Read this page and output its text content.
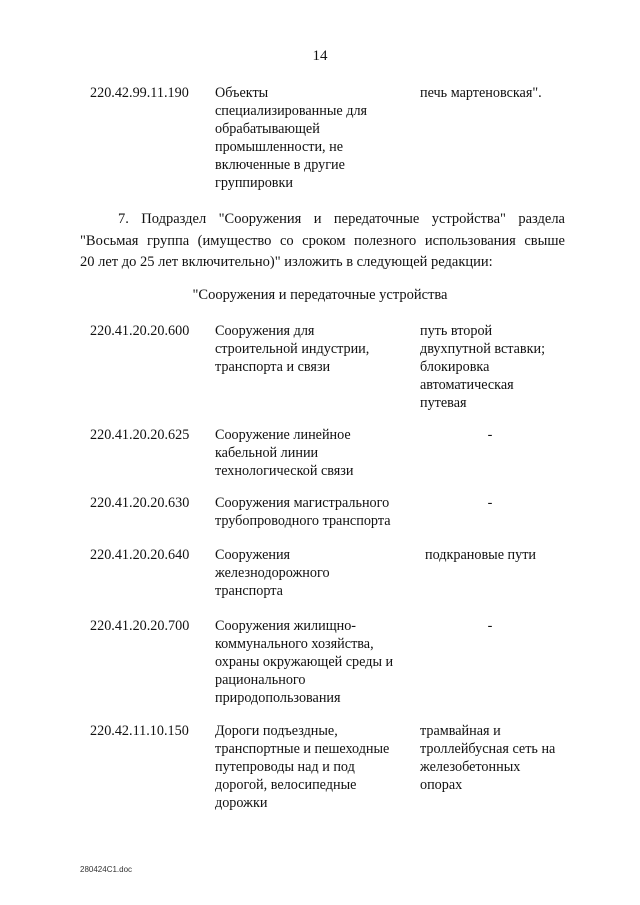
14
220.42.99.11.190 Объекты
специализированные для
обрабатывающей
промышленности, не
включенные в другие
группировки
печь мартеновская".
7. Подраздел "Сооружения и передаточные устройства" раздела
"Восьмая группа (имущество со сроком полезного использования свыше
20 лет до 25 лет включительно)" изложить в следующей редакции:
"Сооружения и передаточные устройства
220.41.20.20.600 Сооружения для
строительной индустрии,
транспорта и связи
путь второй
двухпутной вставки;
блокировка
автоматическая
путевая
220.41.20.20.625 Сооружение линейное
кабельной линии
технологической связи
-
220.41.20.20.630 Сооружения магистрального
трубопроводного транспорта
-
220.41.20.20.640 Сооружения
железнодорожного
транспорта
подкрановые пути
220.41.20.20.700 Сооружения жилищно-
коммунального хозяйства,
охраны окружающей среды и
рационального
природопользования
-
220.42.11.10.150 Дороги подъездные,
транспортные и пешеходные
путепроводы над и под
дорогой, велосипедные
дорожки
трамвайная и
троллейбусная сеть на
железобетонных
опорах
280424C1.doc
